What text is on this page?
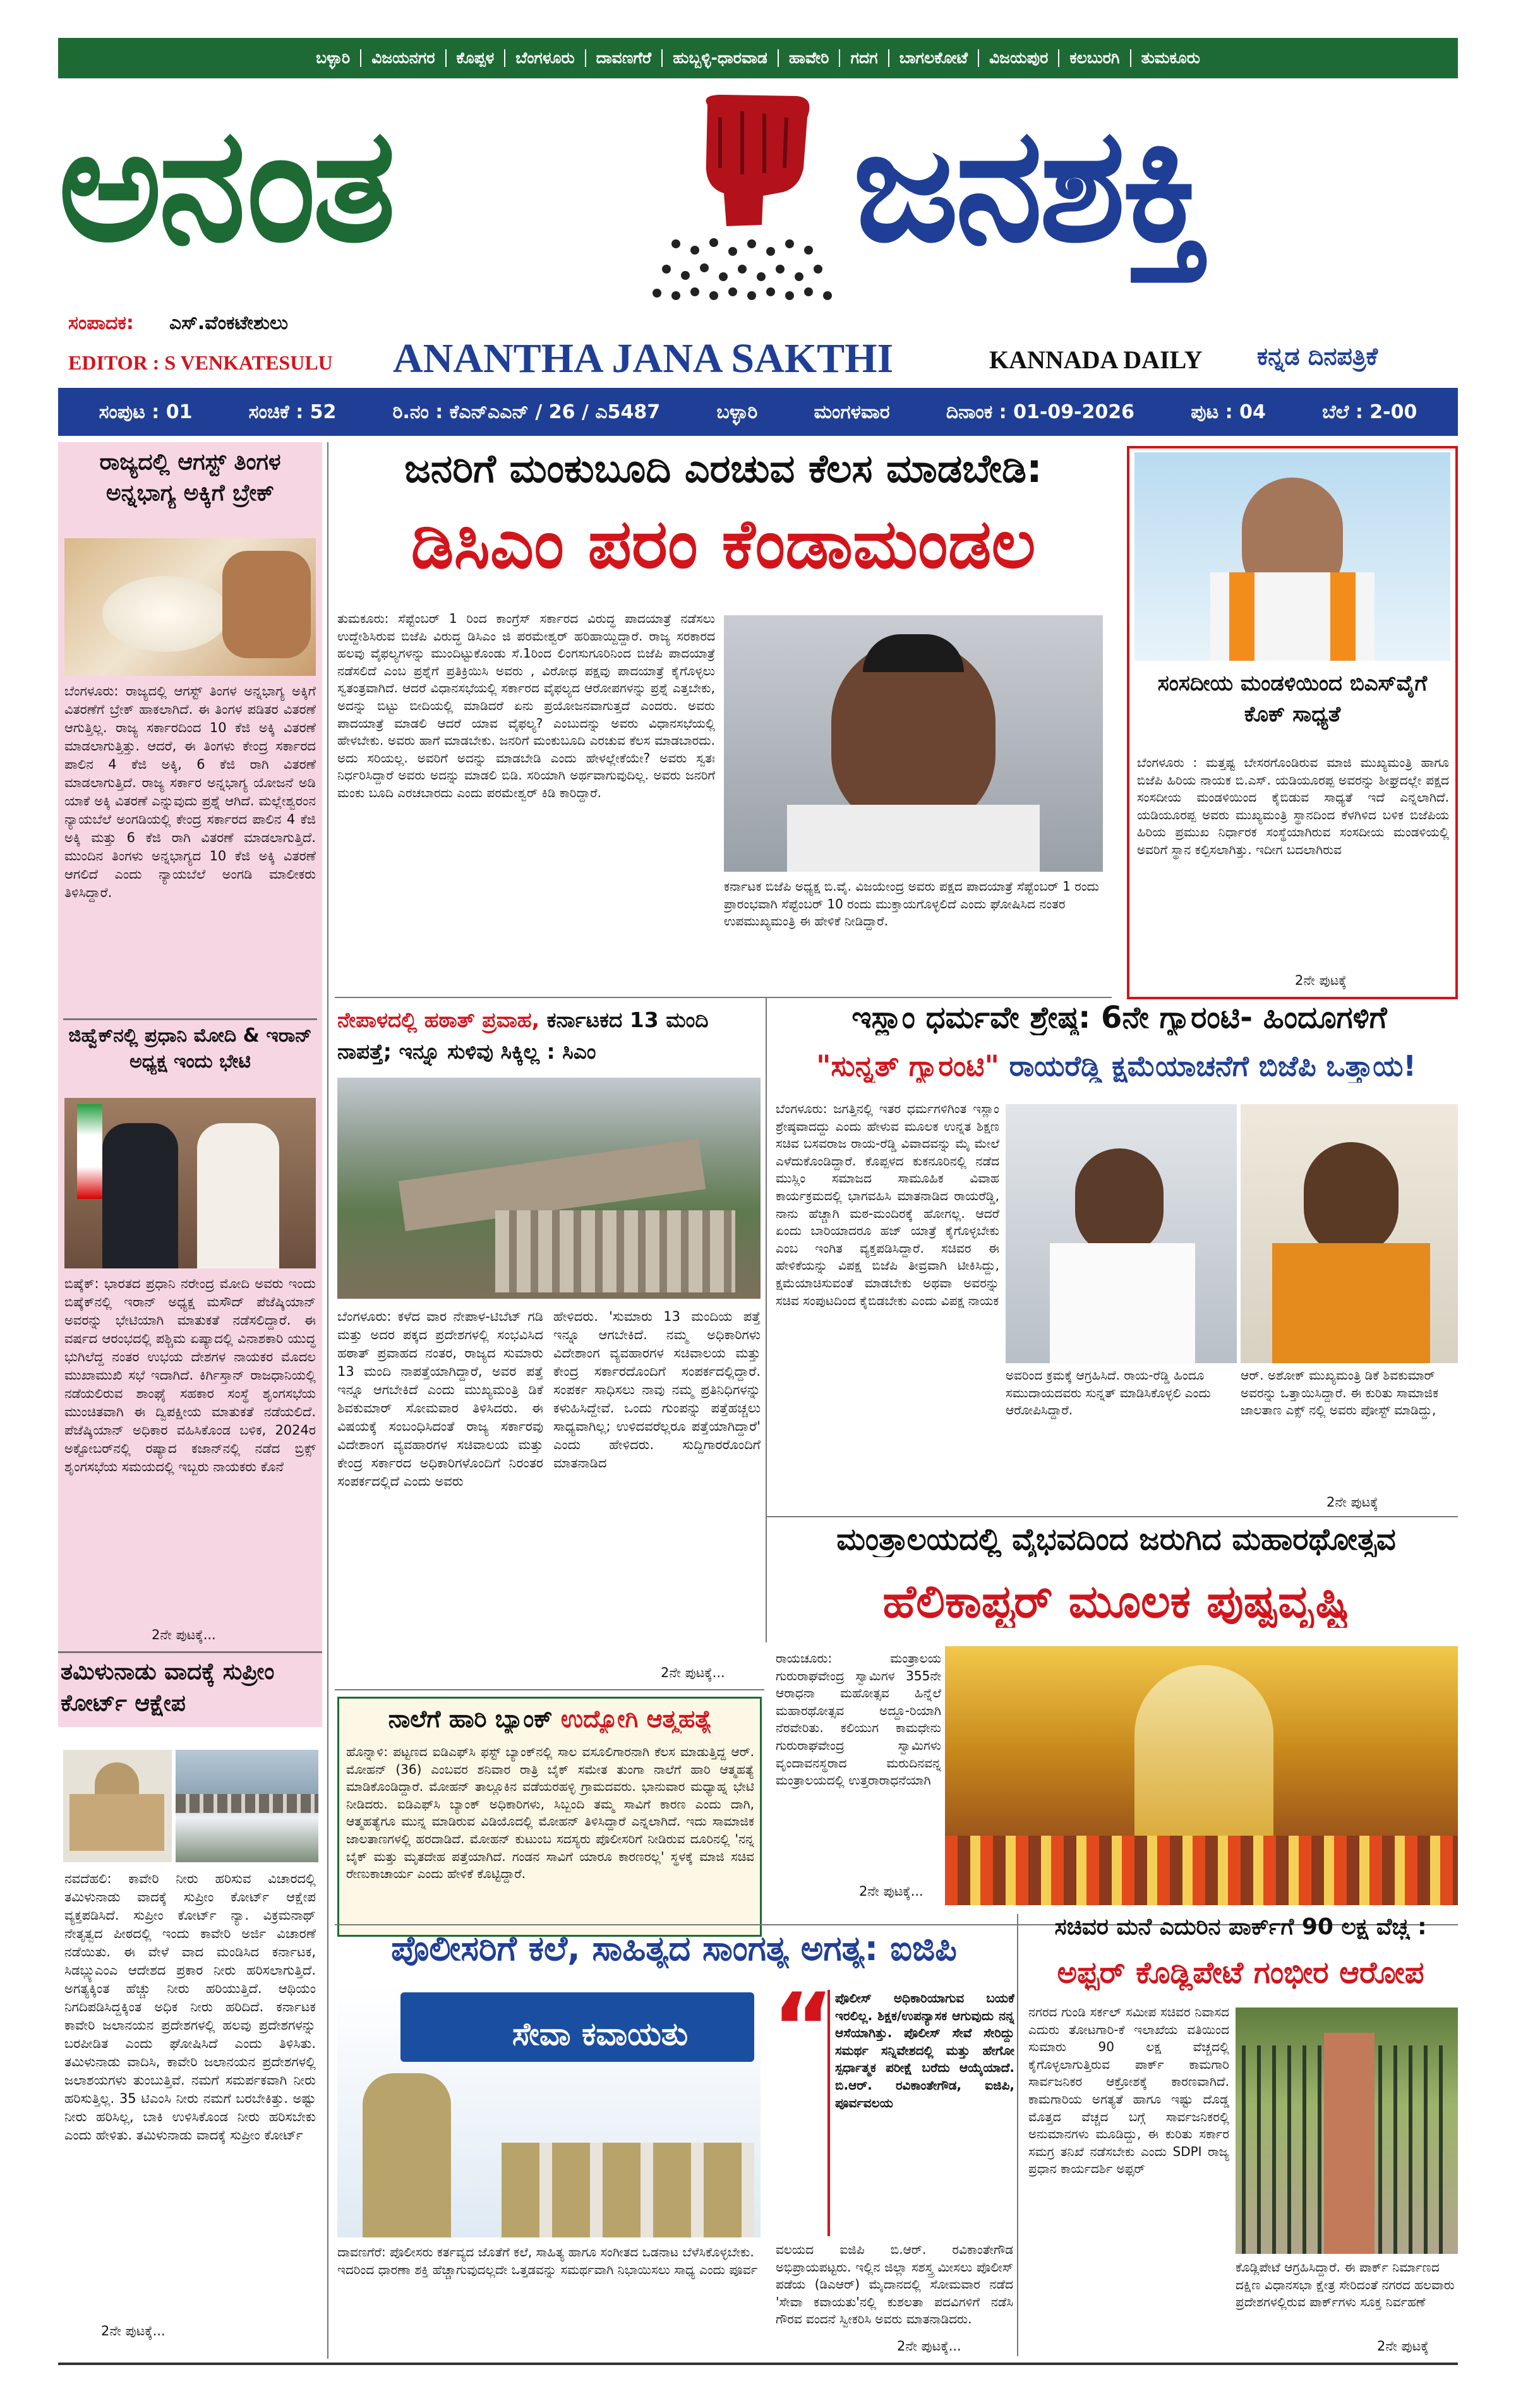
ಬಳ್ಳಾರಿ	ವಿಜಯನಗರ	ಕೊಪ್ಪಳ	ಬೆಂಗಳೂರು	ದಾವಣಗೆರೆ	ಹುಬ್ಬಳ್ಳಿ-ಧಾರವಾಡ	ಹಾವೇರಿ	ಗದಗ	ಬಾಗಲಕೋಟೆ	ವಿಜಯಪುರ	ಕಲಬುರಗಿ	ತುಮಕೂರು
ಅನಂತ	ಜನಶಕ್ತಿ
ಸಂಪಾದಕ: ಎಸ್.ವೆಂಕಟೇಶುಲು
EDITOR : S VENKATESULU ANANTHA JANA SAKTHI	KANNADA DAILY ಕನ್ನಡ ದಿನಪತ್ರಿಕೆ
ಸಂಪುಟ : 01	ಸಂಚಿಕೆ : 52	ರಿ.ನಂ : ಕೆಎನ್‌ಎಎನ್ / 26 / ಎ5487	ಬಳ್ಳಾರಿ	ಮಂಗಳವಾರ	ದಿನಾಂಕ : 01-09-2026	ಪುಟ : 04	ಬೆಲೆ : 2-00
ರಾಜ್ಯದಲ್ಲಿ ಆಗಸ್ಟ್ ತಿಂಗಳ ಅನ್ನಭಾಗ್ಯ ಅಕ್ಕಿಗೆ ಬ್ರೇಕ್
ಬೆಂಗಳೂರು: ರಾಜ್ಯದಲ್ಲಿ ಆಗಸ್ಟ್ ತಿಂಗಳ ಅನ್ನಭಾಗ್ಯ ಅಕ್ಕಿಗೆ ವಿತರಣೆಗೆ ಬ್ರೇಕ್ ಹಾಕಲಾಗಿದೆ. ಈ ತಿಂಗಳ ಪಡಿತರ ವಿತರಣೆ ಆಗುತ್ತಿಲ್ಲ. ರಾಜ್ಯ ಸರ್ಕಾರದಿಂದ 10 ಕೆಜಿ ಅಕ್ಕಿ ವಿತರಣೆ ಮಾಡಲಾಗುತ್ತಿತ್ತು. ಆದರೆ, ಈ ತಿಂಗಳು ಕೇಂದ್ರ ಸರ್ಕಾರದ ಪಾಲಿನ 4 ಕೆಜಿ ಅಕ್ಕಿ, 6 ಕೆಜಿ ರಾಗಿ ವಿತರಣೆ ಮಾಡಲಾಗುತ್ತಿದೆ. ರಾಜ್ಯ ಸರ್ಕಾರ ಅನ್ನಭಾಗ್ಯ ಯೋಜನೆ ಅಡಿ ಯಾಕೆ ಅಕ್ಕಿ ವಿತರಣೆ ಎನ್ನುವುದು ಪ್ರಶ್ನೆ ಆಗಿದೆ. ಮಲ್ಲೇಶ್ವರಂನ ನ್ಯಾಯಬೆಲೆ ಅಂಗಡಿಯಲ್ಲಿ ಕೇಂದ್ರ ಸರ್ಕಾರದ ಪಾಲಿನ 4 ಕೆಜಿ ಅಕ್ಕಿ ಮತ್ತು 6 ಕೆಜಿ ರಾಗಿ ವಿತರಣೆ ಮಾಡಲಾಗುತ್ತಿದೆ. ಮುಂದಿನ ತಿಂಗಳು ಅನ್ನಭಾಗ್ಯದ 10 ಕೆಜಿ ಅಕ್ಕಿ ವಿತರಣೆ ಆಗಲಿದೆ ಎಂದು ನ್ಯಾಯಬೆಲೆ ಅಂಗಡಿ ಮಾಲೀಕರು ತಿಳಿಸಿದ್ದಾರೆ.
ಜಿಹ್ವೆಕ್‌ನಲ್ಲಿ ಪ್ರಧಾನಿ ಮೋದಿ & ಇರಾನ್ ಅಧ್ಯಕ್ಷ ಇಂದು ಭೇಟಿ
ಬಿಷ್ಕೆಕ್: ಭಾರತದ ಪ್ರಧಾನಿ ನರೇಂದ್ರ ಮೋದಿ ಅವರು ಇಂದು ಬಿಷ್ಕೆಕ್‌ನಲ್ಲಿ ಇರಾನ್ ಅಧ್ಯಕ್ಷ ಮಸೌದ್ ಪೆಜೆಷ್ಕಿಯಾನ್ ಅವರನ್ನು ಭೇಟಿಯಾಗಿ ಮಾತುಕತೆ ನಡೆಸಲಿದ್ದಾರೆ. ಈ ವರ್ಷದ ಆರಂಭದಲ್ಲಿ ಪಶ್ಚಿಮ ಏಷ್ಯಾದಲ್ಲಿ ವಿನಾಶಕಾರಿ ಯುದ್ಧ ಭುಗಿಲೆದ್ದ ನಂತರ ಉಭಯ ದೇಶಗಳ ನಾಯಕರ ಮೊದಲ ಮುಖಾಮುಖಿ ಸಭೆ ಇದಾಗಿದೆ. ಕಿರ್ಗಿಸ್ತಾನ್ ರಾಜಧಾನಿಯಲ್ಲಿ ನಡೆಯಲಿರುವ ಶಾಂಘೈ ಸಹಕಾರ ಸಂಸ್ಥೆ ಶೃಂಗಸಭೆಯ ಮುಂಚಿತವಾಗಿ ಈ ದ್ವಿಪಕ್ಷೀಯ ಮಾತುಕತೆ ನಡೆಯಲಿದೆ. ಪೆಜೆಷ್ಕಿಯಾನ್ ಅಧಿಕಾರ ವಹಿಸಿಕೊಂಡ ಬಳಿಕ, 2024ರ ಅಕ್ಟೋಬರ್‌ನಲ್ಲಿ ರಷ್ಯಾದ ಕಜಾನ್‌ನಲ್ಲಿ ನಡೆದ ಬ್ರಿಕ್ಸ್ ಶೃಂಗಸಭೆಯ ಸಮಯದಲ್ಲಿ ಇಬ್ಬರು ನಾಯಕರು ಕೊನೆ
2ನೇ ಪುಟಕ್ಕೆ...
ತಮಿಳುನಾಡು ವಾದಕ್ಕೆ ಸುಪ್ರೀಂ ಕೋರ್ಟ್ ಆಕ್ಷೇಪ
ನವದೆಹಲಿ: ಕಾವೇರಿ ನೀರು ಹರಿಸುವ ವಿಚಾರದಲ್ಲಿ ತಮಿಳುನಾಡು ವಾದಕ್ಕೆ ಸುಪ್ರೀಂ ಕೋರ್ಟ್ ಆಕ್ಷೇಪ ವ್ಯಕ್ತಪಡಿಸಿದೆ. ಸುಪ್ರೀಂ ಕೋರ್ಟ್ ನ್ಯಾ. ವಿಕ್ರಮನಾಥ್ ನೇತೃತ್ವದ ಪೀಠದಲ್ಲಿ ಇಂದು ಕಾವೇರಿ ಅರ್ಜಿ ವಿಚಾರಣೆ ನಡೆಯಿತು. ಈ ವೇಳೆ ವಾದ ಮಂಡಿಸಿದ ಕರ್ನಾಟಕ, ಸಿಡಬ್ಲ್ಯುಎಂಎ ಆದೇಶದ ಪ್ರಕಾರ ನೀರು ಹರಿಸಲಾಗುತ್ತಿದೆ. ಅಗತ್ಯಕ್ಕಿಂತ ಹೆಚ್ಚು ನೀರು ಹರಿಯುತ್ತಿದೆ. ಆಥಿಯಂ ನಿಗದಿಪಡಿಸಿದ್ದಕ್ಕಿಂತ ಅಧಿಕ ನೀರು ಹರಿದಿದೆ. ಕರ್ನಾಟಕ ಕಾವೇರಿ ಜಲಾನಯನ ಪ್ರದೇಶಗಳಲ್ಲಿ ಹಲವು ಪ್ರದೇಶಗಳನ್ನು ಬರಪೀಡಿತ ಎಂದು ಘೋಷಿಸಿದೆ ಎಂದು ತಿಳಿಸಿತು. ತಮಿಳುನಾಡು ವಾದಿಸಿ, ಕಾವೇರಿ ಜಲಾನಯನ ಪ್ರದೇಶಗಳಲ್ಲಿ ಜಲಾಶಯಗಳು ತುಂಬುತ್ತಿವೆ. ನಮಗೆ ಸಮರ್ಪಕವಾಗಿ ನೀರು ಹರಿಸುತ್ತಿಲ್ಲ. 35 ಟಿಎಂಸಿ ನೀರು ನಮಗೆ ಬರಬೇಕಿತ್ತು. ಅಷ್ಟು ನೀರು ಹರಿಸಿಲ್ಲ, ಬಾಕಿ ಉಳಿಸಿಕೊಂಡ ನೀರು ಹರಿಸಬೇಕು ಎಂದು ಹೇಳಿತು. ತಮಿಳುನಾಡು ವಾದಕ್ಕೆ ಸುಪ್ರೀಂ ಕೋರ್ಟ್
2ನೇ ಪುಟಕ್ಕೆ...
ಜನರಿಗೆ ಮಂಕುಬೂದಿ ಎರಚುವ ಕೆಲಸ ಮಾಡಬೇಡಿ:
ಡಿಸಿಎಂ ಪರಂ ಕೆಂಡಾಮಂಡಲ
ತುಮಕೂರು: ಸೆಪ್ಟೆಂಬರ್ 1 ರಿಂದ ಕಾಂಗ್ರೆಸ್ ಸರ್ಕಾರದ ವಿರುದ್ಧ ಪಾದಯಾತ್ರೆ ನಡೆಸಲು ಉದ್ದೇಶಿಸಿರುವ ಬಿಜೆಪಿ ವಿರುದ್ಧ ಡಿಸಿಎಂ ಜಿ ಪರಮೇಶ್ವರ್ ಹರಿಹಾಯ್ದಿದ್ದಾರೆ. ರಾಜ್ಯ ಸರಕಾರದ ಹಲವು ವೈಫಲ್ಯಗಳನ್ನು ಮುಂದಿಟ್ಟುಕೊಂಡು ಸೆ.1ರಿಂದ ಲಿಂಗಸುಗೂರಿನಿಂದ ಬಿಜೆಪಿ ಪಾದಯಾತ್ರೆ ನಡೆಸಲಿದೆ ಎಂಬ ಪ್ರಶ್ನೆಗೆ ಪ್ರತಿಕ್ರಿಯಿಸಿ ಅವರು , ವಿರೋಧ ಪಕ್ಷವು ಪಾದಯಾತ್ರೆ ಕೈಗೊಳ್ಳಲು ಸ್ವತಂತ್ರವಾಗಿದೆ. ಆದರೆ ವಿಧಾನಸಭೆಯಲ್ಲಿ ಸರ್ಕಾರದ ವೈಫಲ್ಯದ ಆರೋಪಗಳನ್ನು ಪ್ರಶ್ನೆ ಎತ್ತಬೇಕು, ಅದನ್ನು ಬಿಟ್ಟು ಬೀದಿಯಲ್ಲಿ ಮಾಡಿದರೆ ಏನು ಪ್ರಯೋಜನವಾಗುತ್ತದೆ ಎಂದರು. ಅವರು ಪಾದಯಾತ್ರೆ ಮಾಡಲಿ ಆದರೆ ಯಾವ ವೈಫಲ್ಯ? ಎಂಬುದನ್ನು ಅವರು ವಿಧಾನಸಭೆಯಲ್ಲಿ ಹೇಳಬೇಕು. ಅವರು ಹಾಗೆ ಮಾಡಬೇಕು. ಜನರಿಗೆ ಮಂಕುಬೂದಿ ಎರಚುವ ಕೆಲಸ ಮಾಡಬಾರದು. ಅದು ಸರಿಯಲ್ಲ. ಅವರಿಗೆ ಅದನ್ನು ಮಾಡಬೇಡಿ ಎಂದು ಹೇಳಲ್ಲೇಕೆಯೇ? ಅವರು ಸ್ವತಃ ನಿರ್ಧರಿಸಿದ್ದಾರೆ ಅವರು ಅದನ್ನು ಮಾಡಲಿ ಬಿಡಿ. ಸರಿಯಾಗಿ ಅರ್ಥವಾಗುವುದಿಲ್ಲ. ಅವರು ಜನರಿಗೆ ಮಂಕು ಬೂದಿ ಎರಚಬಾರದು ಎಂದು ಪರಮೇಶ್ವರ್ ಕಿಡಿ ಕಾರಿದ್ದಾರೆ.
ಕರ್ನಾಟಕ ಬಿಜೆಪಿ ಅಧ್ಯಕ್ಷ ಬಿ.ವೈ. ವಿಜಯೇಂದ್ರ ಅವರು ಪಕ್ಷದ ಪಾದಯಾತ್ರೆ ಸೆಪ್ಟೆಂಬರ್ 1 ರಂದು ಪ್ರಾರಂಭವಾಗಿ ಸೆಪ್ಟೆಂಬರ್ 10 ರಂದು ಮುಕ್ತಾಯಗೊಳ್ಳಲಿದೆ ಎಂದು ಘೋಷಿಸಿದ ನಂತರ ಉಪಮುಖ್ಯಮಂತ್ರಿ ಈ ಹೇಳಿಕೆ ನೀಡಿದ್ದಾರೆ.
ಸಂಸದೀಯ ಮಂಡಳಿಯಿಂದ ಬಿಎಸ್‌ವೈಗೆ ಕೊಕ್ ಸಾಧ್ಯತೆ
ಬೆಂಗಳೂರು : ಮತ್ತಷ್ಟ ಬೇಸರಗೊಂಡಿರುವ ಮಾಜಿ ಮುಖ್ಯಮಂತ್ರಿ ಹಾಗೂ ಬಿಜೆಪಿ ಹಿರಿಯ ನಾಯಕ ಬಿ.ಎಸ್. ಯಡಿಯೂರಪ್ಪ ಅವರನ್ನು ಶೀಘ್ರದಲ್ಲೇ ಪಕ್ಷದ ಸಂಸದೀಯ ಮಂಡಳಿಯಿಂದ ಕೈಬಿಡುವ ಸಾಧ್ಯತೆ ಇದೆ ಎನ್ನಲಾಗಿದೆ. ಯಡಿಯೂರಪ್ಪ ಅವರು ಮುಖ್ಯಮಂತ್ರಿ ಸ್ಥಾನದಿಂದ ಕೆಳಗಿಳಿದ ಬಳಿಕ ಬಿಜೆಪಿಯ ಹಿರಿಯ ಪ್ರಮುಖ ನಿರ್ಧಾರಕ ಸಂಸ್ಥೆಯಾಗಿರುವ ಸಂಸದೀಯ ಮಂಡಳಿಯಲ್ಲಿ ಅವರಿಗೆ ಸ್ಥಾನ ಕಲ್ಪಿಸಲಾಗಿತ್ತು. ಇದೀಗ ಬದಲಾಗಿರುವ
2ನೇ ಪುಟಕ್ಕೆ
ನೇಪಾಳದಲ್ಲಿ ಹಠಾತ್ ಪ್ರವಾಹ, ಕರ್ನಾಟಕದ 13 ಮಂದಿ ನಾಪತ್ತೆ; ಇನ್ನೂ ಸುಳಿವು ಸಿಕ್ಕಿಲ್ಲ : ಸಿಎಂ
ಬೆಂಗಳೂರು: ಕಳೆದ ವಾರ ನೇಪಾಳ-ಟಿಬೆಟ್ ಗಡಿ ಮತ್ತು ಅದರ ಪಕ್ಕದ ಪ್ರದೇಶಗಳಲ್ಲಿ ಸಂಭವಿಸಿದ ಹಠಾತ್ ಪ್ರವಾಹದ ನಂತರ, ರಾಜ್ಯದ ಸುಮಾರು 13 ಮಂದಿ ನಾಪತ್ತೆಯಾಗಿದ್ದಾರೆ, ಅವರ ಪತ್ತೆ ಇನ್ನೂ ಆಗಬೇಕಿದೆ ಎಂದು ಮುಖ್ಯಮಂತ್ರಿ ಡಿಕೆ ಶಿವಕುಮಾರ್ ಸೋಮವಾರ ತಿಳಿಸಿದರು. ಈ ವಿಷಯಕ್ಕೆ ಸಂಬಂಧಿಸಿದಂತೆ ರಾಜ್ಯ ಸರ್ಕಾರವು ವಿದೇಶಾಂಗ ವ್ಯವಹಾರಗಳ ಸಚಿವಾಲಯ ಮತ್ತು ಕೇಂದ್ರ ಸರ್ಕಾರದ ಅಧಿಕಾರಿಗಳೊಂದಿಗೆ ನಿರಂತರ ಸಂಪರ್ಕದಲ್ಲಿದೆ ಎಂದು ಅವರು
ಹೇಳಿದರು. 'ಸುಮಾರು 13 ಮಂದಿಯ ಪತ್ತೆ ಇನ್ನೂ ಆಗಬೇಕಿದೆ. ನಮ್ಮ ಅಧಿಕಾರಿಗಳು ವಿದೇಶಾಂಗ ವ್ಯವಹಾರಗಳ ಸಚಿವಾಲಯ ಮತ್ತು ಕೇಂದ್ರ ಸರ್ಕಾರದೊಂದಿಗೆ ಸಂಪರ್ಕದಲ್ಲಿದ್ದಾರೆ. ಸಂಪರ್ಕ ಸಾಧಿಸಲು ನಾವು ನಮ್ಮ ಪ್ರತಿನಿಧಿಗಳನ್ನು ಕಳುಹಿಸಿದ್ದೇವೆ. ಒಂದು ಗುಂಪನ್ನು ಪತ್ತೆಹಚ್ಚಲು ಸಾಧ್ಯವಾಗಿಲ್ಲ; ಉಳಿದವರೆಲ್ಲರೂ ಪತ್ತೆಯಾಗಿದ್ದಾರೆ' ಎಂದು ಹೇಳಿದರು. ಸುದ್ದಿಗಾರರೊಂದಿಗೆ ಮಾತನಾಡಿದ
2ನೇ ಪುಟಕ್ಕೆ...
ಇಸ್ಲಾಂ ಧರ್ಮವೇ ಶ್ರೇಷ್ಠ: 6ನೇ ಗ್ಯಾರಂಟಿ- ಹಿಂದೂಗಳಿಗೆ
"ಸುನ್ನತ್ ಗ್ಯಾರಂಟಿ" ರಾಯರೆಡ್ಡಿ ಕ್ಷಮೆಯಾಚನೆಗೆ ಬಿಜೆಪಿ ಒತ್ತಾಯ!
ಬೆಂಗಳೂರು: ಜಗತ್ತಿನಲ್ಲಿ ಇತರ ಧರ್ಮಗಳಿಗಿಂತ ಇಸ್ಲಾಂ ಶ್ರೇಷ್ಠವಾದದ್ದು ಎಂದು ಹೇಳುವ ಮೂಲಕ ಉನ್ನತ ಶಿಕ್ಷಣ ಸಚಿವ ಬಸವರಾಜ ರಾಯ-ರೆಡ್ಡಿ ವಿವಾದವನ್ನು ಮೈ ಮೇಲೆ ಎಳೆದುಕೊಂಡಿದ್ದಾರೆ. ಕೊಪ್ಪಳದ ಕುಕನೂರಿನಲ್ಲಿ ನಡೆದ ಮುಸ್ಲಿಂ ಸಮಾಜದ ಸಾಮೂಹಿಕ ವಿವಾಹ ಕಾರ್ಯಕ್ರಮದಲ್ಲಿ ಭಾಗವಹಿಸಿ ಮಾತನಾಡಿದ ರಾಯರೆಡ್ಡಿ, ನಾನು ಹೆಚ್ಚಾಗಿ ಮಠ-ಮಂದಿರಕ್ಕೆ ಹೋಗಲ್ಲ. ಆದರೆ ಏಂದು ಬಾರಿಯಾದರೂ ಹಜ್ ಯಾತ್ರೆ ಕೈಗೊಳ್ಳಬೇಕು ಎಂಬ ಇಂಗಿತ ವ್ಯಕ್ತಪಡಿಸಿದ್ದಾರೆ. ಸಚಿವರ ಈ ಹೇಳಿಕೆಯನ್ನು ವಿಪಕ್ಷ ಬಿಜೆಪಿ ತೀವ್ರವಾಗಿ ಟೀಕಿಸಿದ್ದು, ಕ್ಷಮೆಯಾಚಿಸುವಂತೆ ಮಾಡಬೇಕು ಅಥವಾ ಅವರನ್ನು ಸಚಿವ ಸಂಪುಟದಿಂದ ಕೈಬಿಡಬೇಕು ಎಂದು ವಿಪಕ್ಷ ನಾಯಕ
ಅವರಿಂದ ಕ್ರಮಕ್ಕೆ ಆಗ್ರಹಿಸಿದೆ. ರಾಯ-ರೆಡ್ಡಿ ಹಿಂದೂ ಸಮುದಾಯದವರು ಸುನ್ನತ್ ಮಾಡಿಸಿಕೊಳ್ಳಲಿ ಎಂದು ಆರೋಪಿಸಿದ್ದಾರೆ.
ಆರ್. ಅಶೋಕ್ ಮುಖ್ಯಮಂತ್ರಿ ಡಿಕೆ ಶಿವಕುಮಾರ್ ಅವರನ್ನು ಒತ್ತಾಯಿಸಿದ್ದಾರೆ. ಈ ಕುರಿತು ಸಾಮಾಜಿಕ ಜಾಲತಾಣ ಎಕ್ಸ್ ನಲ್ಲಿ ಅವರು ಪೋಸ್ಟ್ ಮಾಡಿದ್ದು,
2ನೇ ಪುಟಕ್ಕೆ
ಮಂತ್ರಾಲಯದಲ್ಲಿ ವೈಭವದಿಂದ ಜರುಗಿದ ಮಹಾರಥೋತ್ಸವ
ಹೆಲಿಕಾಪ್ಟರ್ ಮೂಲಕ ಪುಷ್ಪವೃಷ್ಟಿ
ರಾಯಚೂರು: ಮಂತ್ರಾಲಯ ಗುರುರಾಘವೇಂದ್ರ ಸ್ವಾಮಿಗಳ 355ನೇ ಆರಾಧನಾ ಮಹೋತ್ಸವ ಹಿನ್ನೆಲೆ ಮಹಾರಥೋತ್ಸವ ಅದ್ದೂ-ರಿಯಾಗಿ ನೆರವೇರಿತು. ಕಲಿಯುಗ ಕಾಮಧೇನು ಗುರುರಾಘವೇಂದ್ರ ಸ್ವಾಮಿಗಳು ವೃಂದಾವನಸ್ಥರಾದ ಮರುದಿನವನ್ನ ಮಂತ್ರಾಲಯದಲ್ಲಿ ಉತ್ತರಾರಾಧನೆಯಾಗಿ
2ನೇ ಪುಟಕ್ಕೆ...
ನಾಲೆಗೆ ಹಾರಿ ಬ್ಯಾಂಕ್ ಉದ್ಯೋಗಿ ಆತ್ಮಹತ್ಯೆ
ಹೊನ್ನಾಳಿ: ಪಟ್ಟಣದ ಐಡಿಎಫ್‌ಸಿ ಫಸ್ಟ್ ಬ್ಯಾಂಕ್‌ನಲ್ಲಿ ಸಾಲ ವಸೂಲಿಗಾರನಾಗಿ ಕೆಲಸ ಮಾಡುತ್ತಿದ್ದ ಆರ್. ಮೋಹನ್ (36) ಎಂಬವರ ಶನಿವಾರ ರಾತ್ರಿ ಬೈಕ್ ಸಮೇತ ತುಂಗಾ ನಾಲೆಗೆ ಹಾರಿ ಆತ್ಮಹತ್ಯೆ ಮಾಡಿಕೊಂಡಿದ್ದಾರೆ. ಮೋಹನ್ ತಾಲ್ಲೂಕಿನ ವಡೆಯರಹಳ್ಳಿ ಗ್ರಾಮದವರು. ಭಾನುವಾರ ಮಧ್ಯಾಹ್ನ ಭೇಟಿ ನೀಡಿದರು. ಐಡಿಎಫ್‌ಸಿ ಬ್ಯಾಂಕ್ ಅಧಿಕಾರಿಗಳು, ಸಿಬ್ಬಂದಿ ತಮ್ಮ ಸಾವಿಗೆ ಕಾರಣ ಎಂದು ದಾಗಿ, ಆತ್ಮಹತ್ಯೆಗೂ ಮುನ್ನ ಮಾಡಿರುವ ವಿಡಿಯೊದಲ್ಲಿ ಮೋಹನ್ ತಿಳಿಸಿದ್ದಾರೆ ಎನ್ನಲಾಗಿದೆ. ಇದು ಸಾಮಾಜಿಕ ಜಾಲತಾಣಗಳಲ್ಲಿ ಹರದಾಡಿದೆ. ಮೋಹನ್ ಕುಟುಂಬ ಸದಸ್ಯರು ಪೊಲೀಸರಿಗೆ ನೀಡಿರುವ ದೂರಿನಲ್ಲಿ 'ನನ್ನ ಬೈಕ್ ಮತ್ತು ಮೃತದೇಹ ಪತ್ತೆಯಾಗಿದೆ. ಗಂಡನ ಸಾವಿಗೆ ಯಾರೂ ಕಾರಣರಲ್ಲ' ಸ್ಥಳಕ್ಕೆ ಮಾಜಿ ಸಚಿವ ರೇಣುಕಾಚಾರ್ಯ ಎಂದು ಹೇಳಿಕೆ ಕೊಟ್ಟಿದ್ದಾರೆ.
ಪೊಲೀಸರಿಗೆ ಕಲೆ, ಸಾಹಿತ್ಯದ ಸಾಂಗತ್ಯ ಅಗತ್ಯ: ಐಜಿಪಿ
ಸೇವಾ ಕವಾಯತು
ದಾವಣಗೆರೆ: ಪೊಲೀಸರು ಕರ್ತವ್ಯದ ಜೊತೆಗೆ ಕಲೆ, ಸಾಹಿತ್ಯ ಹಾಗೂ ಸಂಗೀತದ ಒಡನಾಟ ಬೆಳೆಸಿಕೊಳ್ಳಬೇಕು. ಇದರಿಂದ ಧಾರಣಾ ಶಕ್ತಿ ಹೆಚ್ಚಾಗುವುದಲ್ಲದೇ ಒತ್ತಡವನ್ನು ಸಮರ್ಥವಾಗಿ ನಿಭಾಯಿಸಲು ಸಾಧ್ಯ ಎಂದು ಪೂರ್ವ
“ ಪೊಲೀಸ್ ಅಧಿಕಾರಿಯಾಗುವ ಬಯಕೆ ಇರಲಿಲ್ಲ. ಶಿಕ್ಷಕ/ಉಪನ್ಯಾಸಕ ಆಗುವುದು ನನ್ನ ಆಸೆಯಾಗಿತ್ತು. ಪೊಲೀಸ್ ಸೇವೆ ಸೇರಿದ್ದು ಸಮರ್ಥ ಸನ್ನಿವೇಶದಲ್ಲಿ ಮತ್ತು ಹೇಗೋ ಸ್ಪರ್ಧಾತ್ಮಕ ಪರೀಕ್ಷೆ ಬರೆದು ಆಯ್ಕೆಯಾದೆ. ಬಿ.ಆರ್. ರವಿಕಾಂತೇಗೌಡ, ಐಜಿಪಿ, ಪೂರ್ವವಲಯ
ವಲಯದ ಐಜಿಪಿ ಬಿ.ಆರ್. ರವಿಕಾಂತೇಗೌಡ ಅಭಿಪ್ರಾಯಪಟ್ಟರು. ಇಲ್ಲಿನ ಜಿಲ್ಲಾ ಸಶಸ್ತ್ರ ಮೀಸಲು ಪೊಲೀಸ್ ಪಡೆಯ (ಡಿಎಆರ್) ಮೈದಾನದಲ್ಲಿ ಸೋಮವಾರ ನಡೆದ 'ಸೇವಾ ಕವಾಯತು'ನಲ್ಲಿ ಕುಶಲತಾ ಪದವಿಗಳಿಗೆ ನಡೆಸಿ ಗೌರವ ವಂದನೆ ಸ್ವೀಕರಿಸಿ ಅವರು ಮಾತನಾಡಿದರು.
2ನೇ ಪುಟಕ್ಕೆ...
ಸಚಿವರ ಮನೆ ಎದುರಿನ ಪಾರ್ಕ್‌ಗೆ 90 ಲಕ್ಷ ವೆಚ್ಚ :
ಅಫ್ಸರ್ ಕೊಡ್ಲಿಪೇಟೆ ಗಂಭೀರ ಆರೋಪ
ನಗರದ ಗುಂಡಿ ಸರ್ಕಲ್ ಸಮೀಪ ಸಚಿವರ ನಿವಾಸದ ಎದುರು ತೋಟಗಾರಿ-ಕೆ ಇಲಾಖೆಯ ವತಿಯಿಂದ ಸುಮಾರು 90 ಲಕ್ಷ ವೆಚ್ಚದಲ್ಲಿ ಕೈಗೊಳ್ಳಲಾಗುತ್ತಿರುವ ಪಾರ್ಕ್ ಕಾಮಗಾರಿ ಸಾರ್ವಜನಿಕರ ಆಕ್ರೋಶಕ್ಕೆ ಕಾರಣವಾಗಿದೆ. ಕಾಮಗಾರಿಯ ಅಗತ್ಯತೆ ಹಾಗೂ ಇಷ್ಟು ದೊಡ್ಡ ಮೊತ್ತದ ವೆಚ್ಚದ ಬಗ್ಗೆ ಸಾರ್ವಜನಿಕರಲ್ಲಿ ಅನುಮಾನಗಳು ಮೂಡಿದ್ದು, ಈ ಕುರಿತು ಸರ್ಕಾರ ಸಮಗ್ರ ತನಿಖೆ ನಡೆಸಬೇಕು ಎಂದು SDPI ರಾಜ್ಯ ಪ್ರಧಾನ ಕಾರ್ಯದರ್ಶಿ ಅಫ್ಸರ್
ಕೊಡ್ಲಿಪೇಟೆ ಆಗ್ರಹಿಸಿದ್ದಾರೆ. ಈ ಪಾರ್ಕ್ ನಿರ್ಮಾಣದ ದಕ್ಷಿಣ ವಿಧಾನಸಭಾ ಕ್ಷೇತ್ರ ಸೇರಿದಂತೆ ನಗರದ ಹಲವಾರು ಪ್ರದೇಶಗಳಲ್ಲಿರುವ ಪಾರ್ಕ್‌ಗಳು ಸೂಕ್ತ ನಿರ್ವಹಣೆ
2ನೇ ಪುಟಕ್ಕೆ
